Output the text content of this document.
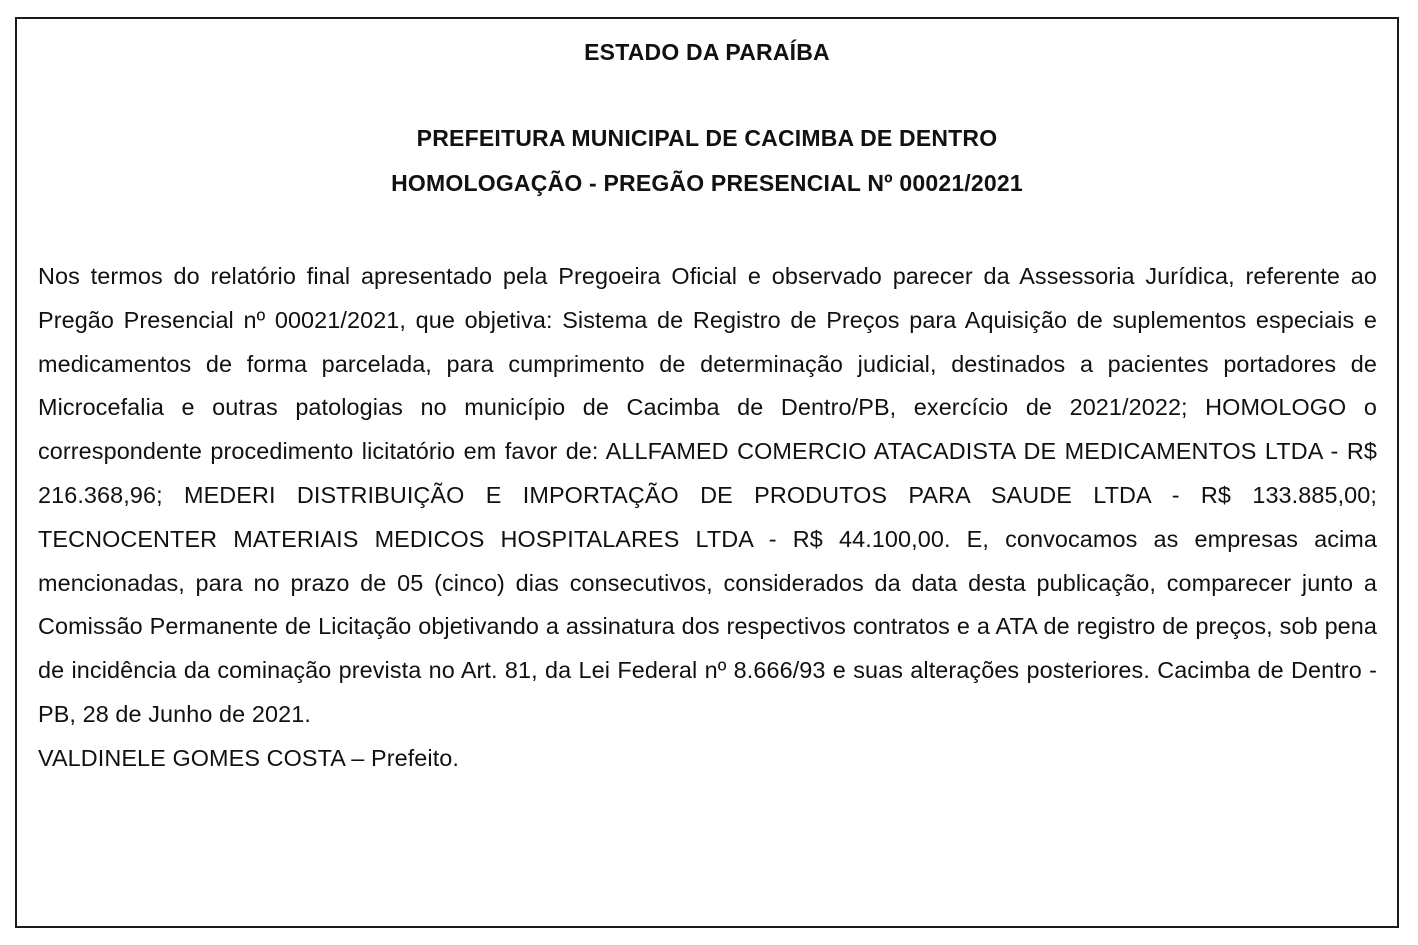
ESTADO DA PARAÍBA
PREFEITURA MUNICIPAL DE CACIMBA DE DENTRO
HOMOLOGAÇÃO - PREGÃO PRESENCIAL Nº 00021/2021

Nos termos do relatório final apresentado pela Pregoeira Oficial e observado parecer da Assessoria Jurídica, referente ao Pregão Presencial nº 00021/2021, que objetiva: Sistema de Registro de Preços para Aquisição de suplementos especiais e medicamentos de forma parcelada, para cumprimento de determinação judicial, destinados a pacientes portadores de Microcefalia e outras patologias no município de Cacimba de Dentro/PB, exercício de 2021/2022; HOMOLOGO o correspondente procedimento licitatório em favor de: ALLFAMED COMERCIO ATACADISTA DE MEDICAMENTOS LTDA - R$ 216.368,96; MEDERI DISTRIBUIÇÃO E IMPORTAÇÃO DE PRODUTOS PARA SAUDE LTDA - R$ 133.885,00; TECNOCENTER MATERIAIS MEDICOS HOSPITALARES LTDA - R$ 44.100,00. E, convocamos as empresas acima mencionadas, para no prazo de 05 (cinco) dias consecutivos, considerados da data desta publicação, comparecer junto a Comissão Permanente de Licitação objetivando a assinatura dos respectivos contratos e a ATA de registro de preços, sob pena de incidência da cominação prevista no Art. 81, da Lei Federal nº 8.666/93 e suas alterações posteriores. Cacimba de Dentro - PB, 28 de Junho de 2021.

VALDINELE GOMES COSTA – Prefeito.
